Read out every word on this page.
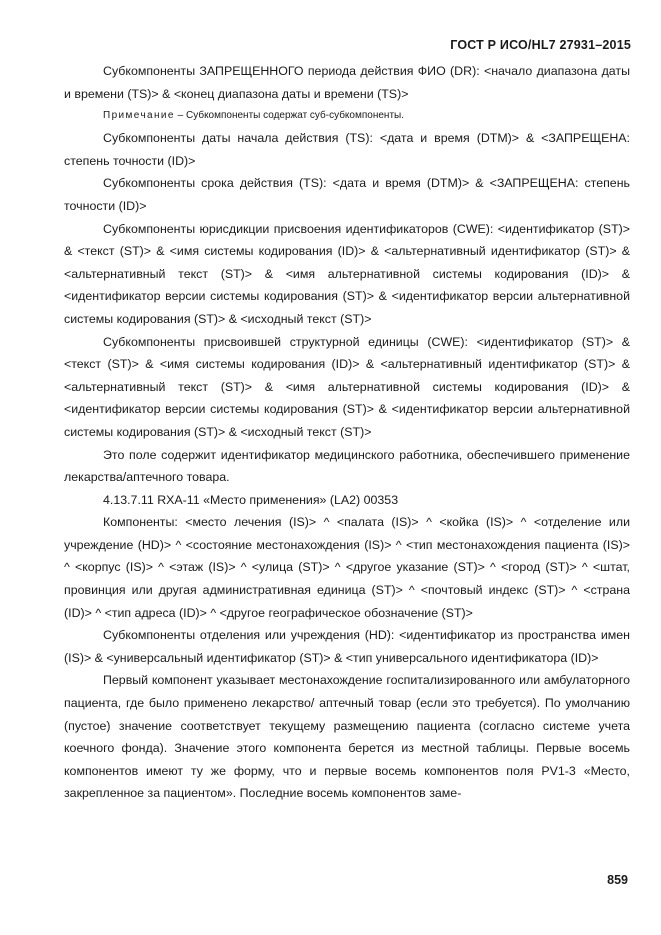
ГОСТ Р ИСО/HL7 27931–2015

Субкомпоненты ЗАПРЕЩЕННОГО периода действия ФИО (DR): <начало диапазона даты и времени (TS)> & <конец диапазона даты и времени (TS)>

Примечание – Субкомпоненты содержат суб-субкомпоненты.

Субкомпоненты даты начала действия (TS): <дата и время (DTM)> & <ЗАПРЕЩЕНА: степень точности (ID)>

Субкомпоненты срока действия (TS): <дата и время (DTM)> & <ЗАПРЕЩЕНА: степень точности (ID)>

Субкомпоненты юрисдикции присвоения идентификаторов (CWE): <идентификатор (ST)> & <текст (ST)> & <имя системы кодирования (ID)> & <альтернативный идентификатор (ST)> & <альтернативный текст (ST)> & <имя альтернативной системы кодирования (ID)> & <идентификатор версии системы кодирования (ST)> & <идентификатор версии альтернативной системы кодирования (ST)> & <исходный текст (ST)>

Субкомпоненты присвоившей структурной единицы (CWE): <идентификатор (ST)> & <текст (ST)> & <имя системы кодирования (ID)> & <альтернативный идентификатор (ST)> & <альтернативный текст (ST)> & <имя альтернативной системы кодирования (ID)> & <идентификатор версии системы кодирования (ST)> & <идентификатор версии альтернативной системы кодирования (ST)> & <исходный текст (ST)>

Это поле содержит идентификатор медицинского работника, обеспечившего применение лекарства/аптечного товара.

4.13.7.11 RXA-11 «Место применения» (LA2) 00353

Компоненты: <место лечения (IS)> ^ <палата (IS)> ^ <койка (IS)> ^ <отделение или учреждение (HD)> ^ <состояние местонахождения (IS)> ^ <тип местонахождения пациента (IS)> ^ <корпус (IS)> ^ <этаж (IS)> ^ <улица (ST)> ^ <другое указание (ST)> ^ <город (ST)> ^ <штат, провинция или другая административная единица (ST)> ^ <почтовый индекс (ST)> ^ <страна (ID)> ^ <тип адреса (ID)> ^ <другое географическое обозначение (ST)>

Субкомпоненты отделения или учреждения (HD): <идентификатор из пространства имен (IS)> & <универсальный идентификатор (ST)> & <тип универсального идентификатора (ID)>

Первый компонент указывает местонахождение госпитализированного или амбулаторного пациента, где было применено лекарство/ аптечный товар (если это требуется). По умолчанию (пустое) значение соответствует текущему размещению пациента (согласно системе учета коечного фонда). Значение этого компонента берется из местной таблицы. Первые восемь компонентов имеют ту же форму, что и первые восемь компонентов поля PV1-3 «Место, закрепленное за пациентом». Последние восемь компонентов заме-

859
